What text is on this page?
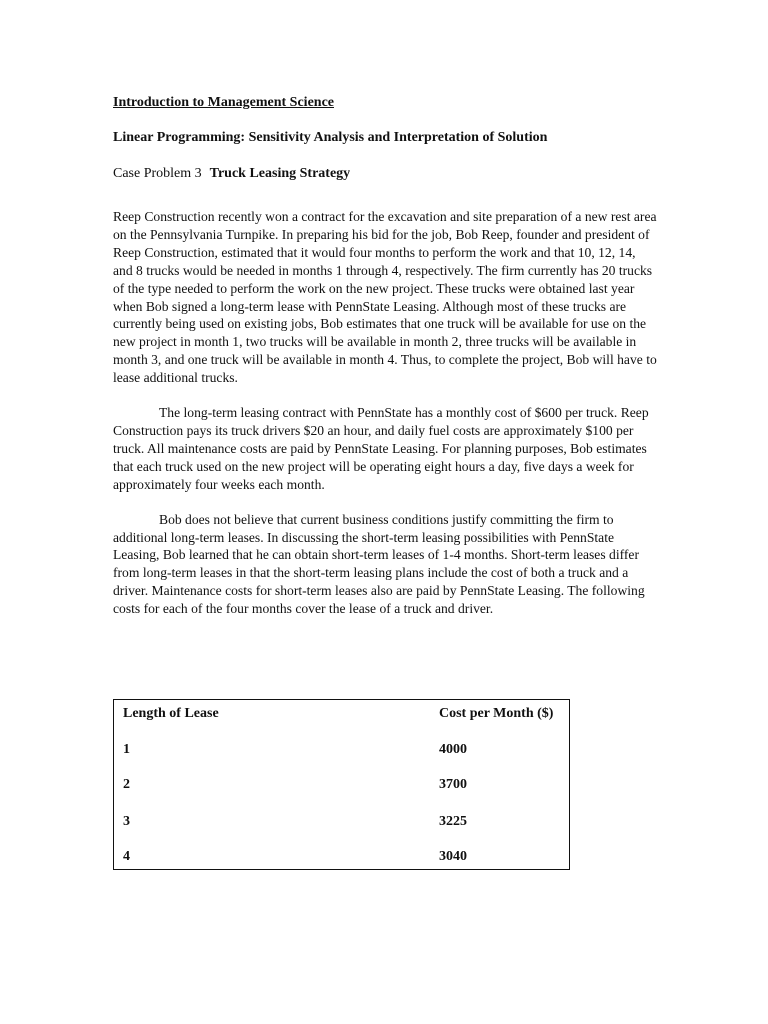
Introduction to Management Science

Linear Programming: Sensitivity Analysis and Interpretation of Solution

Case Problem 3 Truck Leasing Strategy

Reep Construction recently won a contract for the excavation and site preparation of a new rest area on the Pennsylvania Turnpike. In preparing his bid for the job, Bob Reep, founder and president of Reep Construction, estimated that it would four months to perform the work and that 10, 12, 14, and 8 trucks would be needed in months 1 through 4, respectively. The firm currently has 20 trucks of the type needed to perform the work on the new project. These trucks were obtained last year when Bob signed a long-term lease with PennState Leasing. Although most of these trucks are currently being used on existing jobs, Bob estimates that one truck will be available for use on the new project in month 1, two trucks will be available in month 2, three trucks will be available in month 3, and one truck will be available in month 4. Thus, to complete the project, Bob will have to lease additional trucks.

The long-term leasing contract with PennState has a monthly cost of $600 per truck. Reep Construction pays its truck drivers $20 an hour, and daily fuel costs are approximately $100 per truck. All maintenance costs are paid by PennState Leasing. For planning purposes, Bob estimates that each truck used on the new project will be operating eight hours a day, five days a week for approximately four weeks each month.

Bob does not believe that current business conditions justify committing the firm to additional long-term leases. In discussing the short-term leasing possibilities with PennState Leasing, Bob learned that he can obtain short-term leases of 1-4 months. Short-term leases differ from long-term leases in that the short-term leasing plans include the cost of both a truck and a driver. Maintenance costs for short-term leases also are paid by PennState Leasing. The following costs for each of the four months cover the lease of a truck and driver.

Length of Lease	Cost per Month ($)
1	4000
2	3700
3	3225
4	3040
